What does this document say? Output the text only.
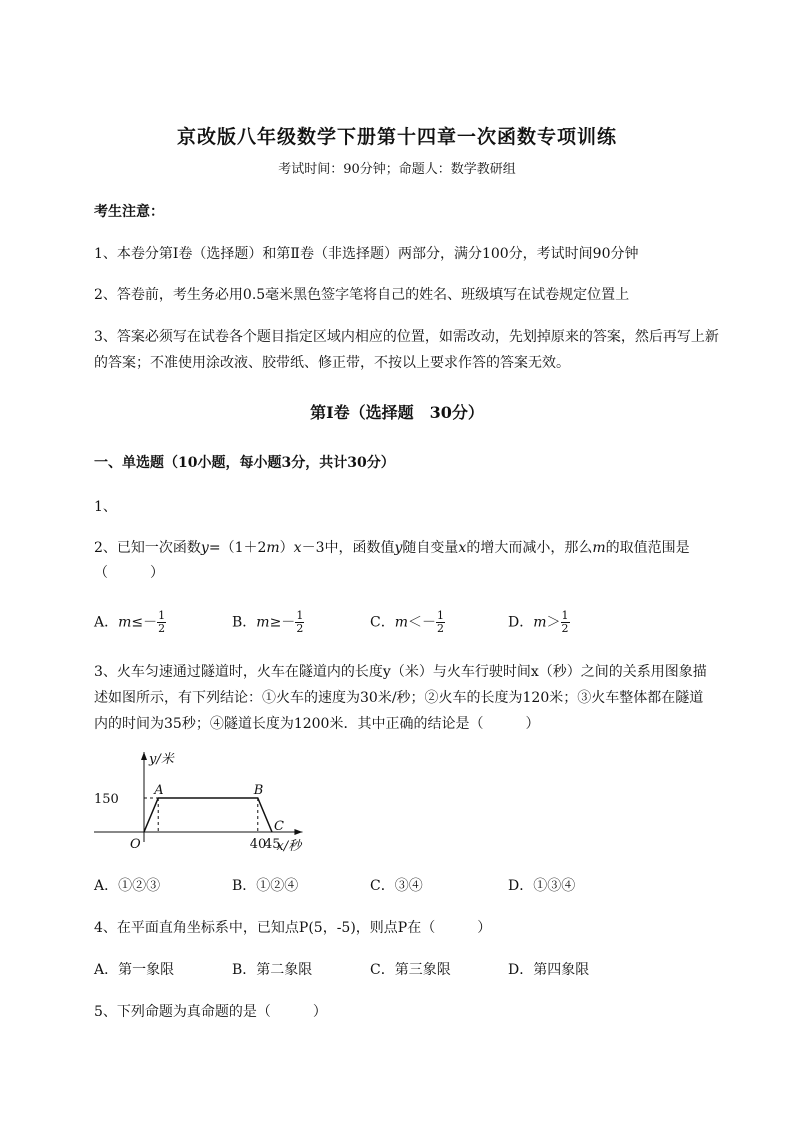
京改版八年级数学下册第十四章一次函数专项训练
考试时间：90分钟；命题人：数学教研组
考生注意：
1、本卷分第I卷（选择题）和第Ⅱ卷（非选择题）两部分，满分100分，考试时间90分钟
2、答卷前，考生务必用0.5毫米黑色签字笔将自己的姓名、班级填写在试卷规定位置上
3、答案必须写在试卷各个题目指定区域内相应的位置，如需改动，先划掉原来的答案，然后再写上新
的答案；不准使用涂改液、胶带纸、修正带，不按以上要求作答的答案无效。
第Ⅰ卷（选择题　30分）
一、单选题（10小题，每小题3分，共计30分）
1、
2、已知一次函数y=（1＋2m）x－3中，函数值y随自变量x的增大而减小，那么m的取值范围是
（　　　）
A．$m\le- \frac{1}{2}$	B．$m\ge- \frac{1}{2}$	C．$m<- \frac{1}{2}$	D．$m> \frac{1}{2}$
3、火车匀速通过隧道时，火车在隧道内的长度y（米）与火车行驶时间x（秒）之间的关系用图象描
述如图所示，有下列结论：①火车的速度为30米/秒；②火车的长度为120米；③火车整体都在隧道
内的时间为35秒；④隧道长度为1200米．其中正确的结论是（　　　）
O
A	B
C
150
40
45
y/米
x/秒
A．①②③	B．①②④	C．③④	D．①③④
4、在平面直角坐标系中，已知点P(5，-5)，则点P在（　　　）
A．第一象限	B．第二象限	C．第三象限	D．第四象限
5、下列命题为真命题的是（　　　）
